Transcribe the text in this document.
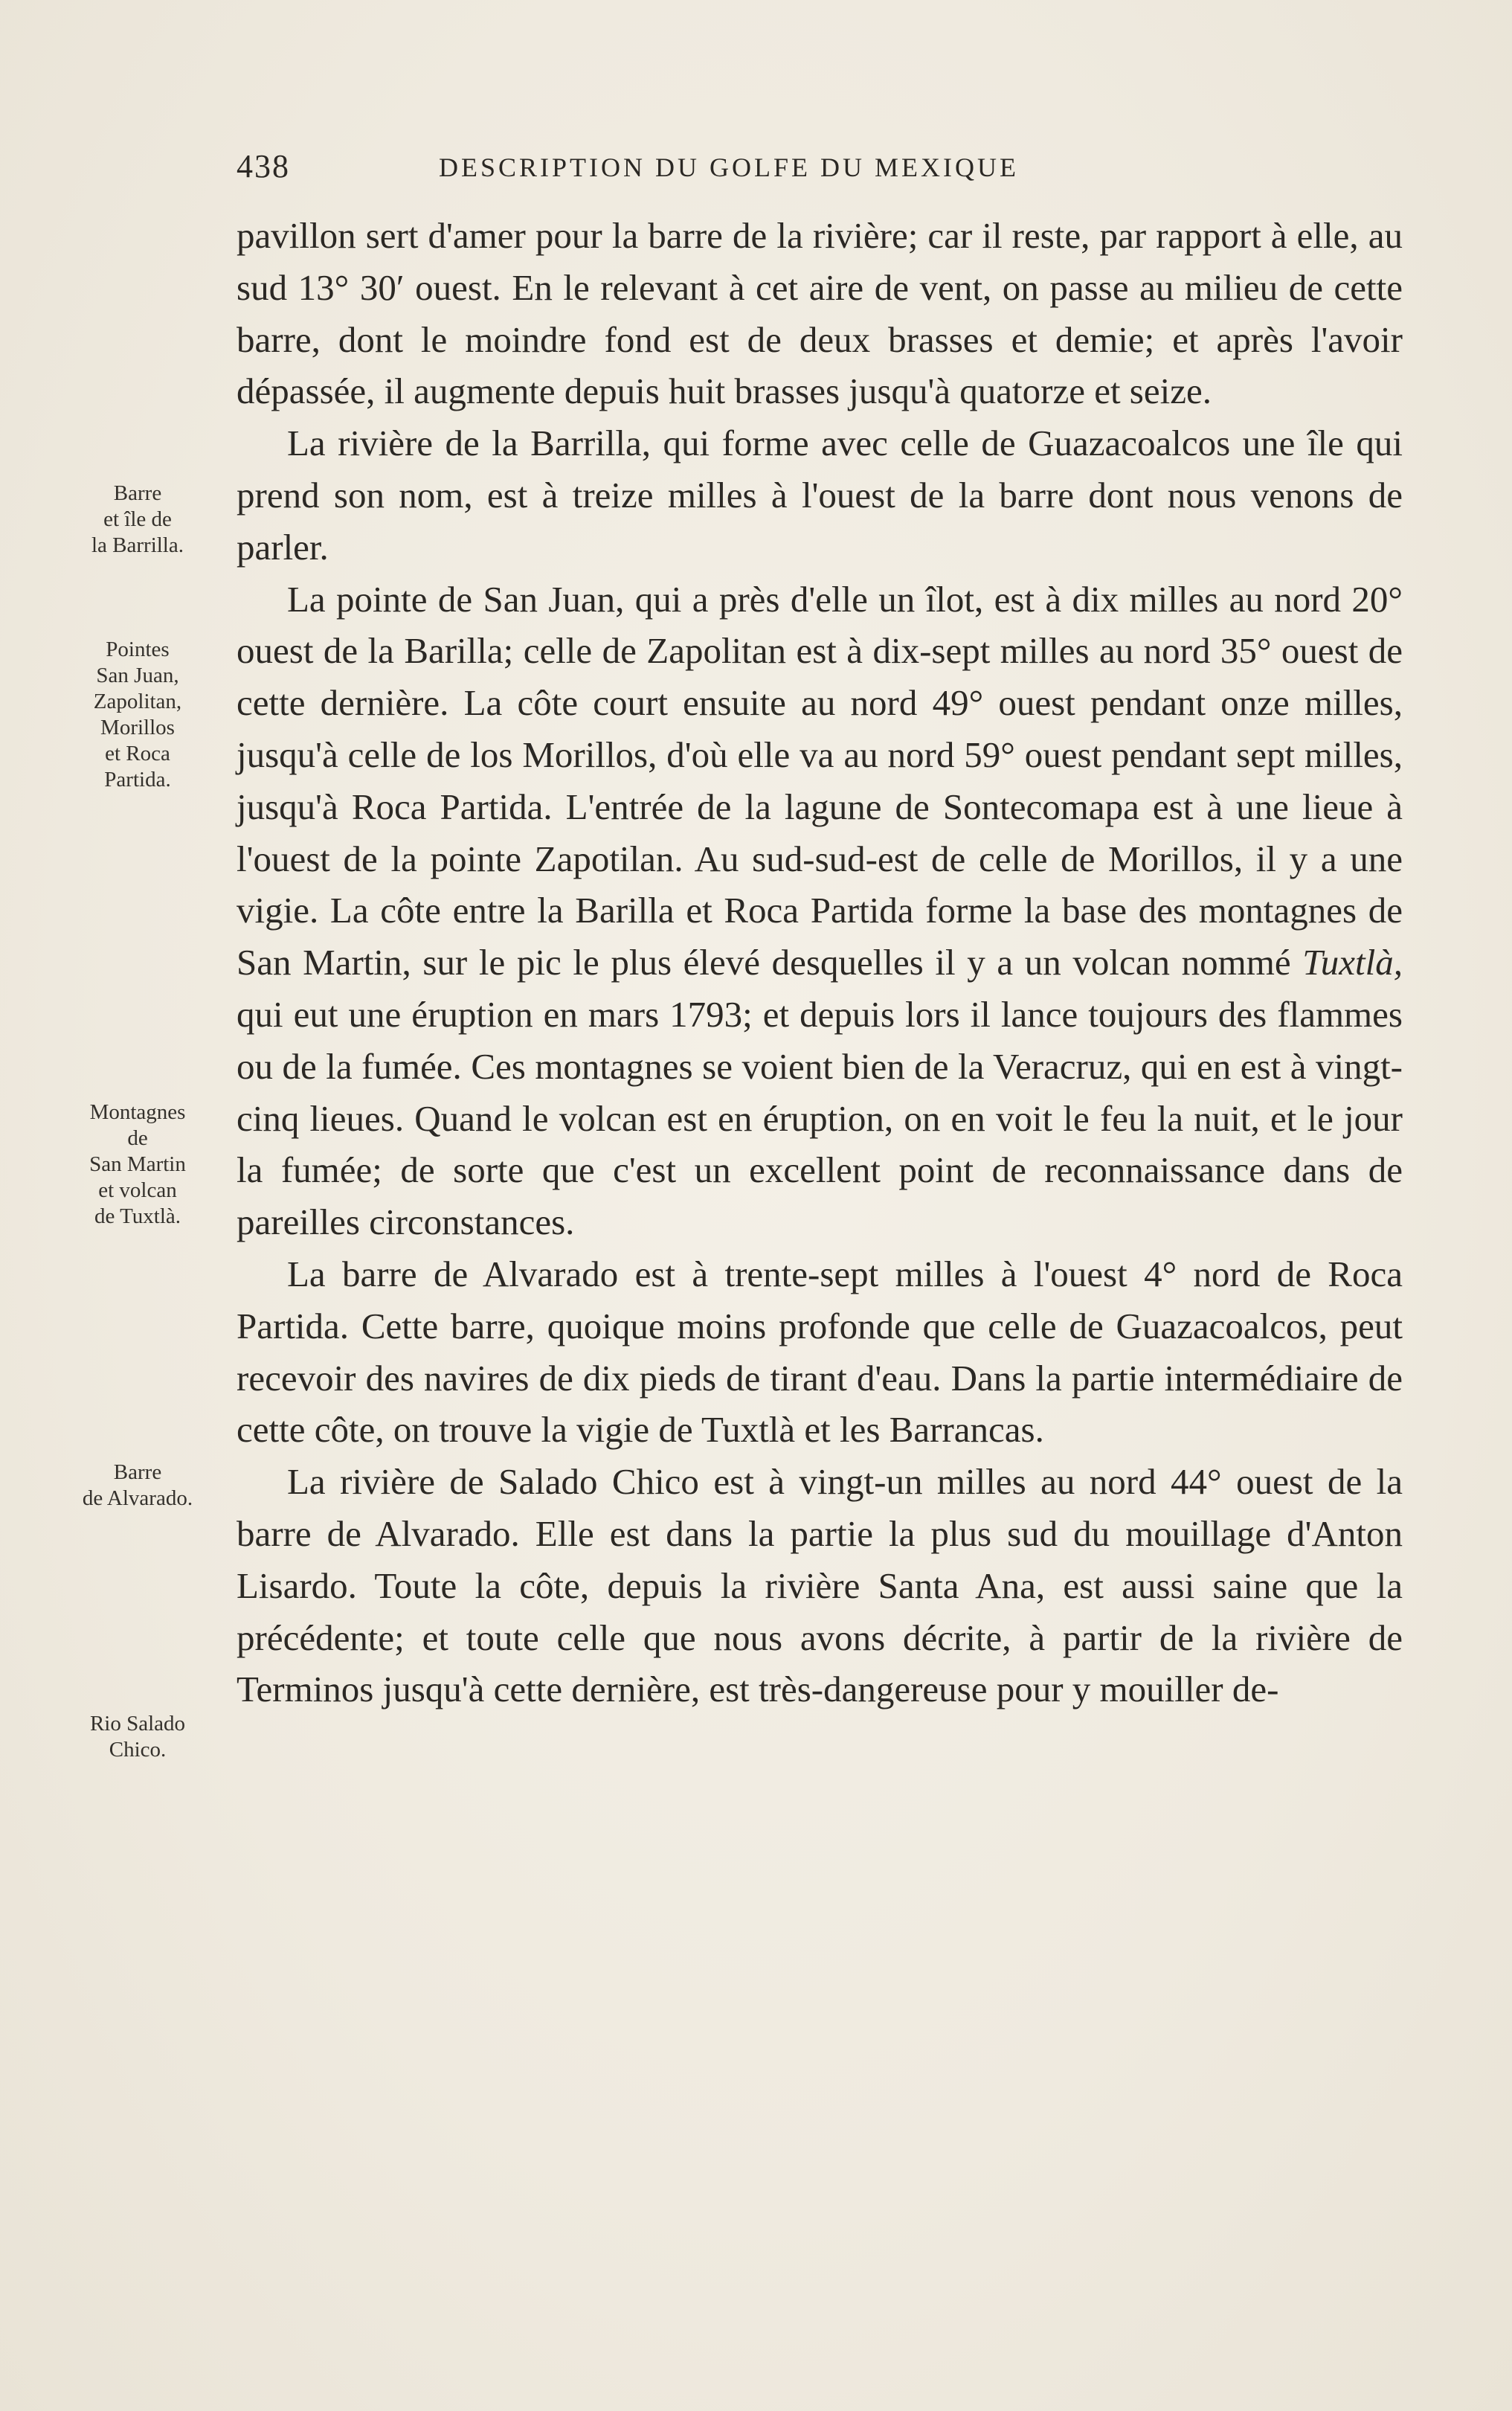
438	DESCRIPTION DU GOLFE DU MEXIQUE
Barre
et île de
la Barrilla.
Pointes
San Juan,
Zapolitan,
Morillos
et Roca
Partida.
Montagnes
de
San Martin
et volcan
de Tuxtlà.
Barre
de Alvarado.
Rio Salado
Chico.

pavillon sert d'amer pour la barre de la rivière; car il reste, par rapport à elle, au sud 13° 30′ ouest. En le relevant à cet aire de vent, on passe au milieu de cette barre, dont le moindre fond est de deux brasses et demie; et après l'avoir dépassée, il augmente depuis huit brasses jusqu'à quatorze et seize.

La rivière de la Barrilla, qui forme avec celle de Guazacoalcos une île qui prend son nom, est à treize milles à l'ouest de la barre dont nous venons de parler.

La pointe de San Juan, qui a près d'elle un îlot, est à dix milles au nord 20° ouest de la Barilla; celle de Zapolitan est à dix-sept milles au nord 35° ouest de cette dernière. La côte court ensuite au nord 49° ouest pendant onze milles, jusqu'à celle de los Morillos, d'où elle va au nord 59° ouest pendant sept milles, jusqu'à Roca Partida. L'entrée de la lagune de Sontecomapa est à une lieue à l'ouest de la pointe Zapotilan. Au sud-sud-est de celle de Morillos, il y a une vigie. La côte entre la Barilla et Roca Partida forme la base des montagnes de San Martin, sur le pic le plus élevé desquelles il y a un volcan nommé Tuxtlà, qui eut une éruption en mars 1793; et depuis lors il lance toujours des flammes ou de la fumée. Ces montagnes se voient bien de la Veracruz, qui en est à vingt-cinq lieues. Quand le volcan est en éruption, on en voit le feu la nuit, et le jour la fumée; de sorte que c'est un excellent point de reconnaissance dans de pareilles circonstances.

La barre de Alvarado est à trente-sept milles à l'ouest 4° nord de Roca Partida. Cette barre, quoique moins profonde que celle de Guazacoalcos, peut recevoir des navires de dix pieds de tirant d'eau. Dans la partie intermédiaire de cette côte, on trouve la vigie de Tuxtlà et les Barrancas.

La rivière de Salado Chico est à vingt-un milles au nord 44° ouest de la barre de Alvarado. Elle est dans la partie la plus sud du mouillage d'Anton Lisardo. Toute la côte, depuis la rivière Santa Ana, est aussi saine que la précédente; et toute celle que nous avons décrite, à partir de la rivière de Terminos jusqu'à cette dernière, est très-dangereuse pour y mouiller de-
